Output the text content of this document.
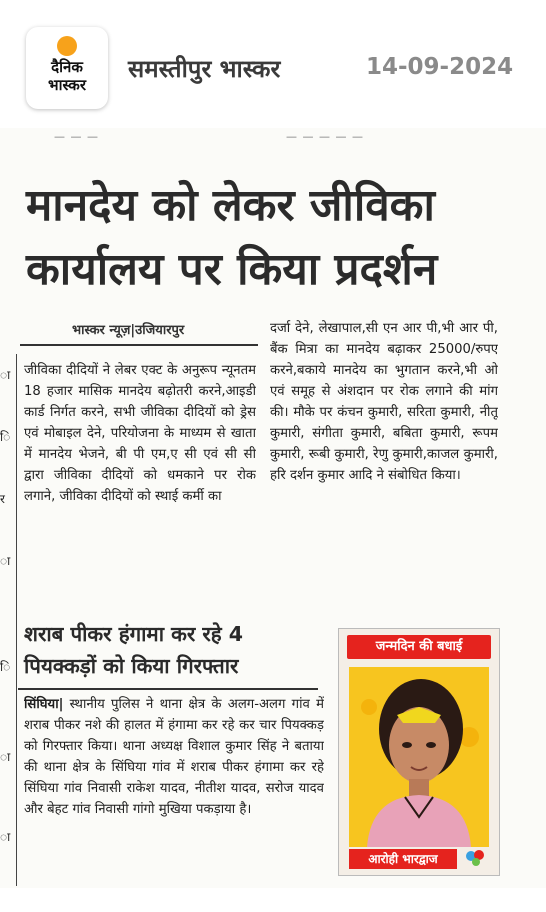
दैनिक
भास्कर
समस्तीपुर भास्कर	14-09-2024
— — —	— — — — —
मानदेय को लेकर जीविका
कार्यालय पर किया प्रदर्शन
भास्कर न्यूज़|उजियारपुर
ा
ि
र
ा
ि
ा
ा

जीविका दीदियों ने लेबर एक्ट के अनुरूप न्यूनतम 18 हजार मासिक मानदेय बढ़ोतरी करने,आइडी कार्ड निर्गत करने, सभी जीविका दीदियों को ड्रेस एवं मोबाइल देने, परियोजना के माध्यम से खाता में मानदेय भेजने, बी पी एम,ए सी एवं सी सी द्वारा जीविका दीदियों को धमकाने पर रोक लगाने, जीविका दीदियों को स्थाई कर्मी का

दर्जा देने, लेखापाल,सी एन आर पी,भी आर पी, बैंक मित्रा का मानदेय बढ़ाकर 25000/रुपए करने,बकाये मानदेय का भुगतान करने,भी ओ एवं समूह से अंशदान पर रोक लगाने की मांग की। मौके पर कंचन कुमारी, सरिता कुमारी, नीतू कुमारी, संगीता कुमारी, बबिता कुमारी, रूपम कुमारी, रूबी कुमारी, रेणु कुमारी,काजल कुमारी, हरि दर्शन कुमार आदि ने संबोधित किया।

शराब पीकर हंगामा कर रहे 4
पियक्कड़ों को किया गिरफ्तार

सिंघिया| स्थानीय पुलिस ने थाना क्षेत्र के अलग-अलग गांव में शराब पीकर नशे की हालत में हंगामा कर रहे कर चार पियक्कड़ को गिरफ्तार किया। थाना अध्यक्ष विशाल कुमार सिंह ने बताया की थाना क्षेत्र के सिंघिया गांव में शराब पीकर हंगामा कर रहे सिंघिया गांव निवासी राकेश यादव, नीतीश यादव, सरोज यादव और बेहट गांव निवासी गांगो मुखिया पकड़ाया है।

जन्मदिन की बधाई
आरोही भारद्वाज
